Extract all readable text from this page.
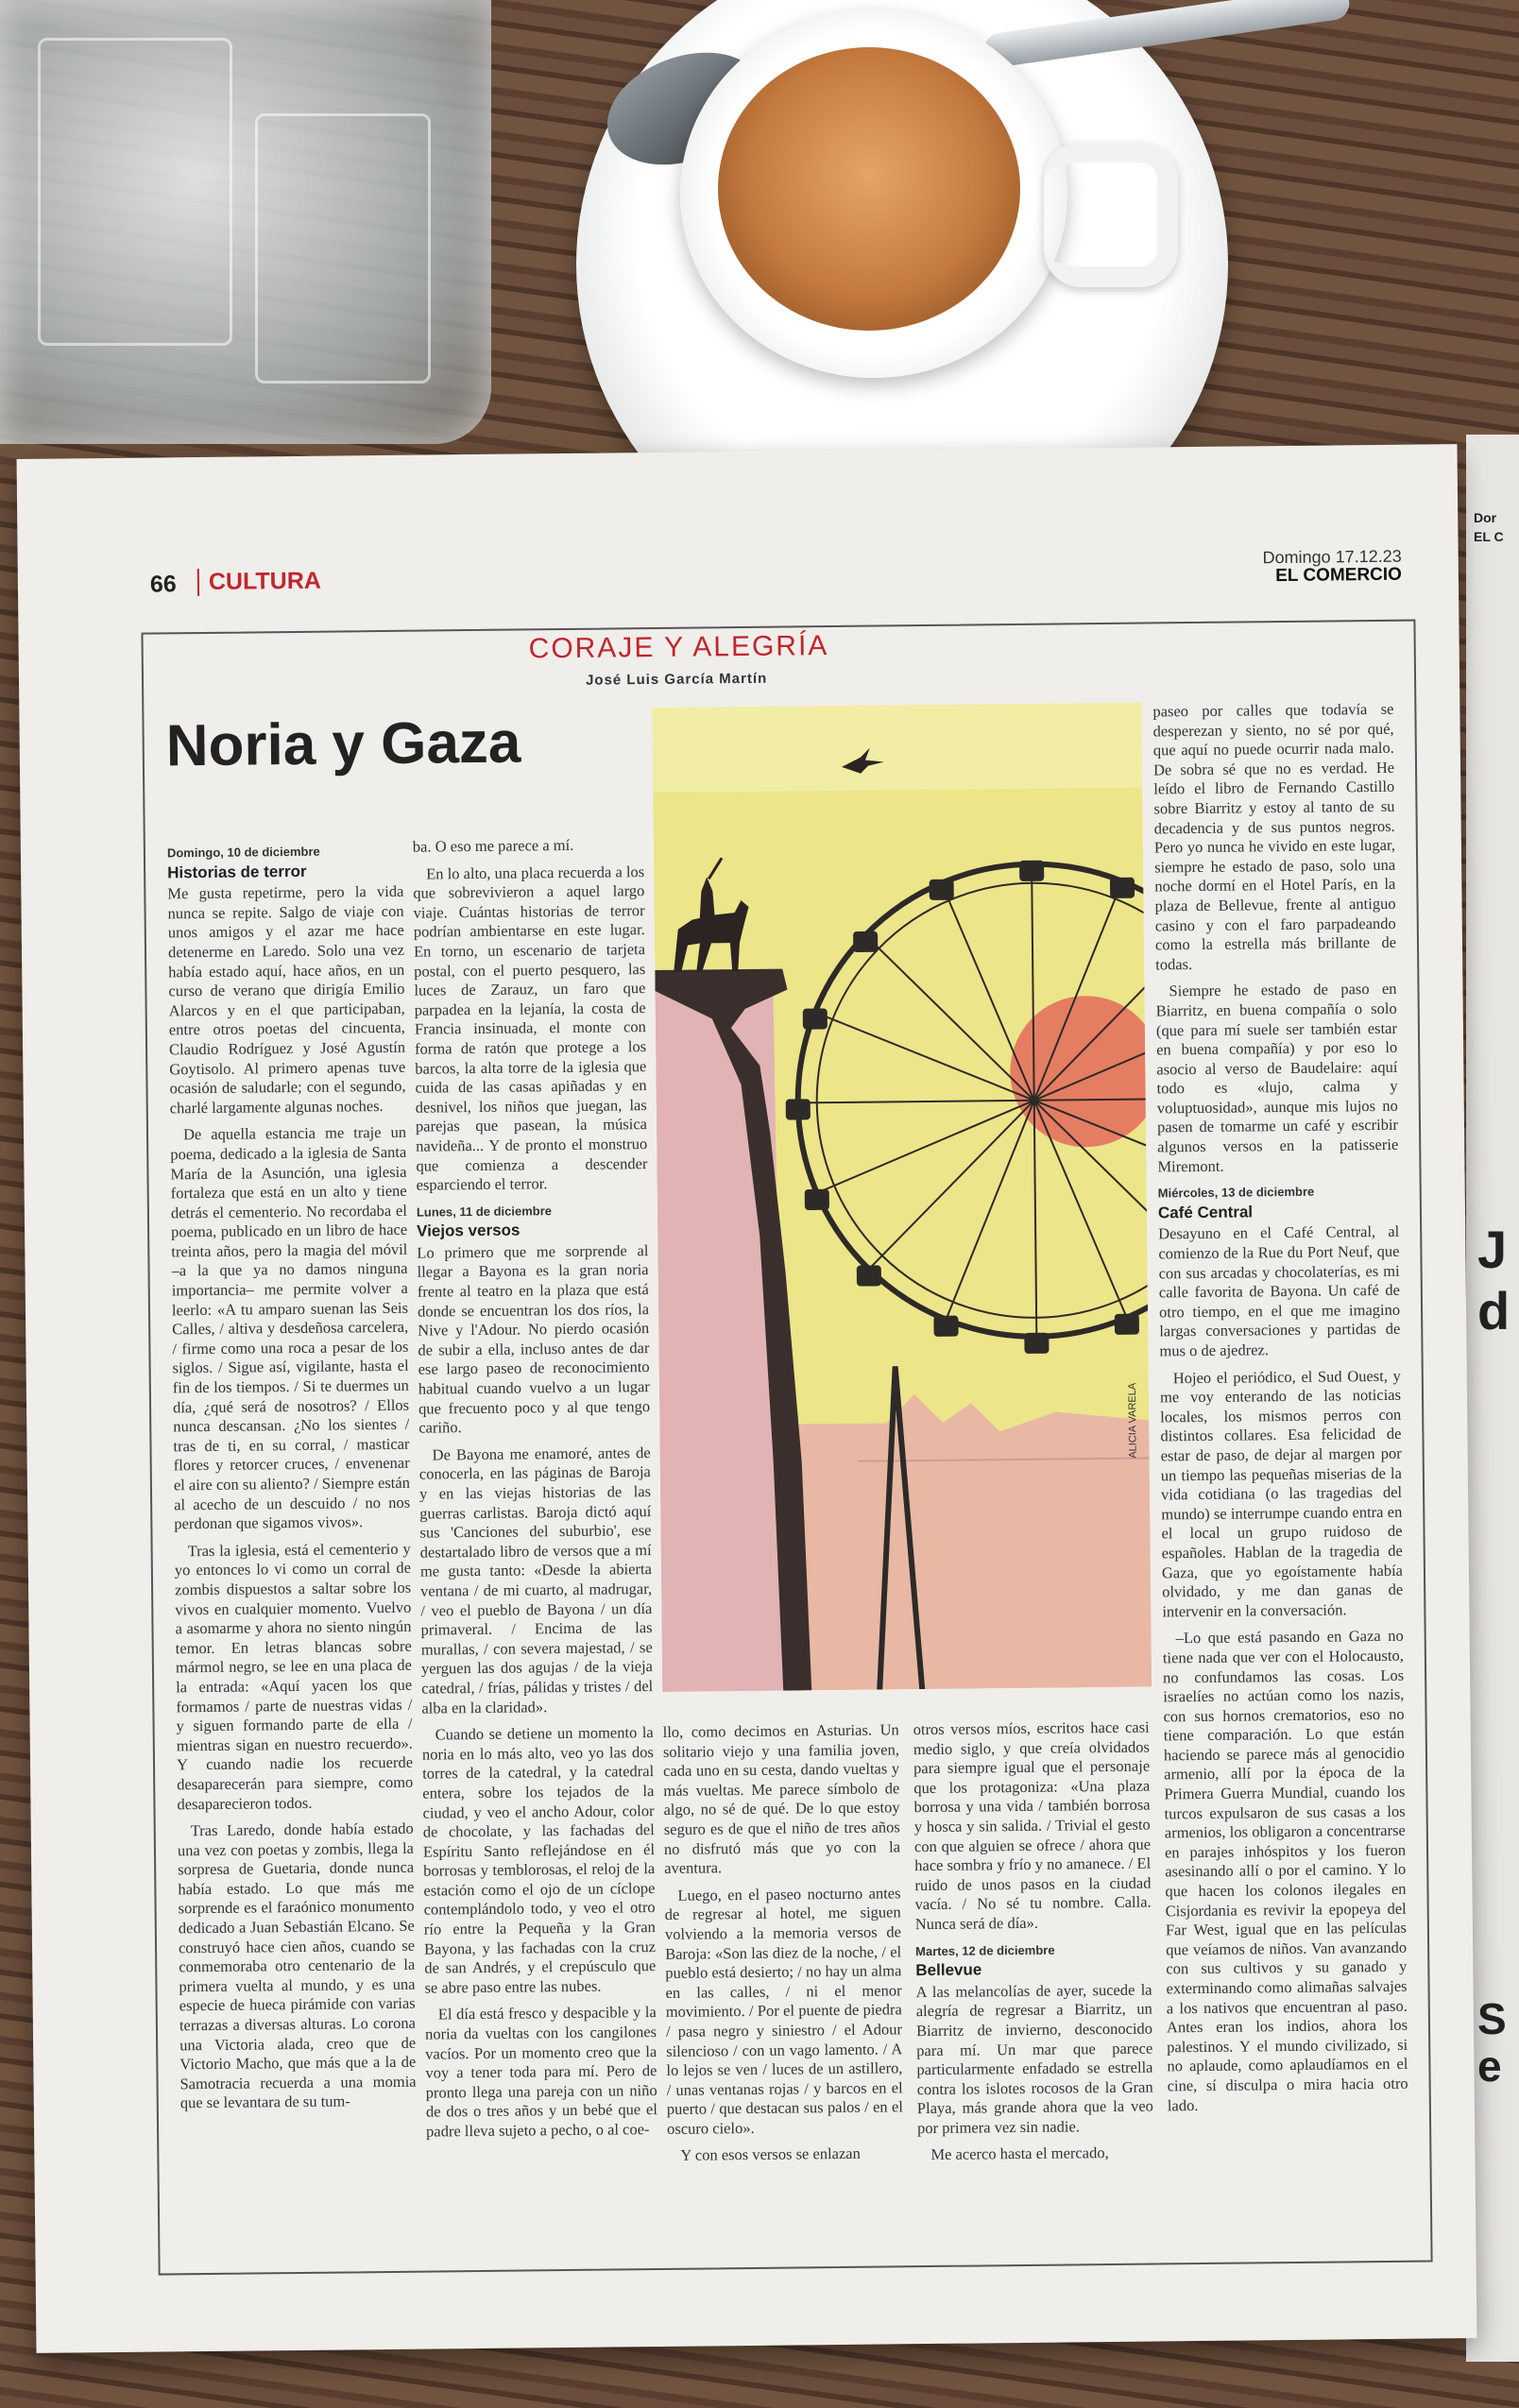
Dor
EL C
J
d
S
e
66	CULTURA
Domingo 17.12.23
EL COMERCIO
CORAJE Y ALEGRÍA
José Luis García Martín
Noria y Gaza
Domingo, 10 de diciembre
Historias de terror

Me gusta repetirme, pero la vida nunca se repite. Salgo de viaje con unos amigos y el azar me hace detenerme en Laredo. Solo una vez había estado aquí, hace años, en un curso de verano que dirigía Emilio Alarcos y en el que participaban, entre otros poetas del cincuenta, Claudio Rodríguez y José Agustín Goytisolo. Al primero apenas tuve ocasión de saludarle; con el segundo, charlé largamente algunas noches.

De aquella estancia me traje un poema, dedicado a la iglesia de Santa María de la Asunción, una iglesia fortaleza que está en un alto y tiene detrás el cementerio. No recordaba el poema, publicado en un libro de hace treinta años, pero la magia del móvil –a la que ya no damos ninguna importancia– me permite volver a leerlo: «A tu amparo suenan las Seis Calles, / altiva y desdeñosa carcelera, / firme como una roca a pesar de los siglos. / Sigue así, vigilante, hasta el fin de los tiempos. / Si te duermes un día, ¿qué será de nosotros? / Ellos nunca descansan. ¿No los sientes / tras de ti, en su corral, / masticar flores y retorcer cruces, / envenenar el aire con su aliento? / Siempre están al acecho de un descuido / no nos perdonan que sigamos vivos».

Tras la iglesia, está el cementerio y yo entonces lo vi como un corral de zombis dispuestos a saltar sobre los vivos en cualquier momento. Vuelvo a asomarme y ahora no siento ningún temor. En letras blancas sobre mármol negro, se lee en una placa de la entrada: «Aquí yacen los que formamos / parte de nuestras vidas / y siguen formando parte de ella / mientras sigan en nuestro recuerdo». Y cuando nadie los recuerde desaparecerán para siempre, como desaparecieron todos.

Tras Laredo, donde había estado una vez con poetas y zombis, llega la sorpresa de Guetaria, donde nunca había estado. Lo que más me sorprende es el faraónico monumento dedicado a Juan Sebastián Elcano. Se construyó hace cien años, cuando se conmemoraba otro centenario de la primera vuelta al mundo, y es una especie de hueca pirámide con varias terrazas a diversas alturas. Lo corona una Victoria alada, creo que de Victorio Macho, que más que a la de Samotracia recuerda a una momia que se levantara de su tum-

ba. O eso me parece a mí.

En lo alto, una placa recuerda a los que sobrevivieron a aquel largo viaje. Cuántas historias de terror podrían ambientarse en este lugar. En torno, un escenario de tarjeta postal, con el puerto pesquero, las luces de Zarauz, un faro que parpadea en la lejanía, la costa de Francia insinuada, el monte con forma de ratón que protege a los barcos, la alta torre de la iglesia que cuida de las casas apiñadas y en desnivel, los niños que juegan, las parejas que pasean, la música navideña... Y de pronto el monstruo que comienza a descender esparciendo el terror.

Lunes, 11 de diciembre
Viejos versos

Lo primero que me sorprende al llegar a Bayona es la gran noria frente al teatro en la plaza que está donde se encuentran los dos ríos, la Nive y l'Adour. No pierdo ocasión de subir a ella, incluso antes de dar ese largo paseo de reconocimiento habitual cuando vuelvo a un lugar que frecuento poco y al que tengo cariño.

De Bayona me enamoré, antes de conocerla, en las páginas de Baroja y en las viejas historias de las guerras carlistas. Baroja dictó aquí sus 'Canciones del suburbio', ese destartalado libro de versos que a mí me gusta tanto: «Desde la abierta ventana / de mi cuarto, al madrugar, / veo el pueblo de Bayona / un día primaveral. / Encima de las murallas, / con severa majestad, / se yerguen las dos agujas / de la vieja catedral, / frías, pálidas y tristes / del alba en la claridad».

Cuando se detiene un momento la noria en lo más alto, veo yo las dos torres de la catedral, y la catedral entera, sobre los tejados de la ciudad, y veo el ancho Adour, color de chocolate, y las fachadas del Espíritu Santo reflejándose en él borrosas y temblorosas, el reloj de la estación como el ojo de un cíclope contemplándolo todo, y veo el otro río entre la Pequeña y la Gran Bayona, y las fachadas con la cruz de san Andrés, y el crepúsculo que se abre paso entre las nubes.

El día está fresco y despacible y la noria da vueltas con los cangilones vacíos. Por un momento creo que la voy a tener toda para mí. Pero de pronto llega una pareja con un niño de dos o tres años y un bebé que el padre lleva sujeto a pecho, o al coe-

ALICIA VARELA

llo, como decimos en Asturias. Un solitario viejo y una familia joven, cada uno en su cesta, dando vueltas y más vueltas. Me parece símbolo de algo, no sé de qué. De lo que estoy seguro es de que el niño de tres años no disfrutó más que yo con la aventura.

Luego, en el paseo nocturno antes de regresar al hotel, me siguen volviendo a la memoria versos de Baroja: «Son las diez de la noche, / el pueblo está desierto; / no hay un alma en las calles, / ni el menor movimiento. / Por el puente de piedra / pasa negro y siniestro / el Adour silencioso / con un vago lamento. / A lo lejos se ven / luces de un astillero, / unas ventanas rojas / y barcos en el puerto / que destacan sus palos / en el oscuro cielo».

Y con esos versos se enlazan

otros versos míos, escritos hace casi medio siglo, y que creía olvidados para siempre igual que el personaje que los protagoniza: «Una plaza borrosa y una vida / también borrosa y hosca y sin salida. / Trivial el gesto con que alguien se ofrece / ahora que hace sombra y frío y no amanece. / El ruido de unos pasos en la ciudad vacía. / No sé tu nombre. Calla. Nunca será de día».

Martes, 12 de diciembre
Bellevue

A las melancolías de ayer, sucede la alegría de regresar a Biarritz, un Biarritz de invierno, desconocido para mí. Un mar que parece particularmente enfadado se estrella contra los islotes rocosos de la Gran Playa, más grande ahora que la veo por primera vez sin nadie.

Me acerco hasta el mercado,

paseo por calles que todavía se desperezan y siento, no sé por qué, que aquí no puede ocurrir nada malo. De sobra sé que no es verdad. He leído el libro de Fernando Castillo sobre Biarritz y estoy al tanto de su decadencia y de sus puntos negros. Pero yo nunca he vivido en este lugar, siempre he estado de paso, solo una noche dormí en el Hotel París, en la plaza de Bellevue, frente al antiguo casino y con el faro parpadeando como la estrella más brillante de todas.

Siempre he estado de paso en Biarritz, en buena compañía o solo (que para mí suele ser también estar en buena compañía) y por eso lo asocio al verso de Baudelaire: aquí todo es «lujo, calma y voluptuosidad», aunque mis lujos no pasen de tomarme un café y escribir algunos versos en la patisserie Miremont.

Miércoles, 13 de diciembre
Café Central

Desayuno en el Café Central, al comienzo de la Rue du Port Neuf, que con sus arcadas y chocolaterías, es mi calle favorita de Bayona. Un café de otro tiempo, en el que me imagino largas conversaciones y partidas de mus o de ajedrez.

Hojeo el periódico, el Sud Ouest, y me voy enterando de las noticias locales, los mismos perros con distintos collares. Esa felicidad de estar de paso, de dejar al margen por un tiempo las pequeñas miserias de la vida cotidiana (o las tragedias del mundo) se interrumpe cuando entra en el local un grupo ruidoso de españoles. Hablan de la tragedia de Gaza, que yo egoístamente había olvidado, y me dan ganas de intervenir en la conversación.

–Lo que está pasando en Gaza no tiene nada que ver con el Holocausto, no confundamos las cosas. Los israelíes no actúan como los nazis, con sus hornos crematorios, eso no tiene comparación. Lo que están haciendo se parece más al genocidio armenio, allí por la época de la Primera Guerra Mundial, cuando los turcos expulsaron de sus casas a los armenios, los obligaron a concentrarse en parajes inhóspitos y los fueron asesinando allí o por el camino. Y lo que hacen los colonos ilegales en Cisjordania es revivir la epopeya del Far West, igual que en las películas que veíamos de niños. Van avanzando con sus cultivos y su ganado y exterminando como alimañas salvajes a los nativos que encuentran al paso. Antes eran los indios, ahora los palestinos. Y el mundo civilizado, si no aplaude, como aplaudíamos en el cine, sí disculpa o mira hacia otro lado.
